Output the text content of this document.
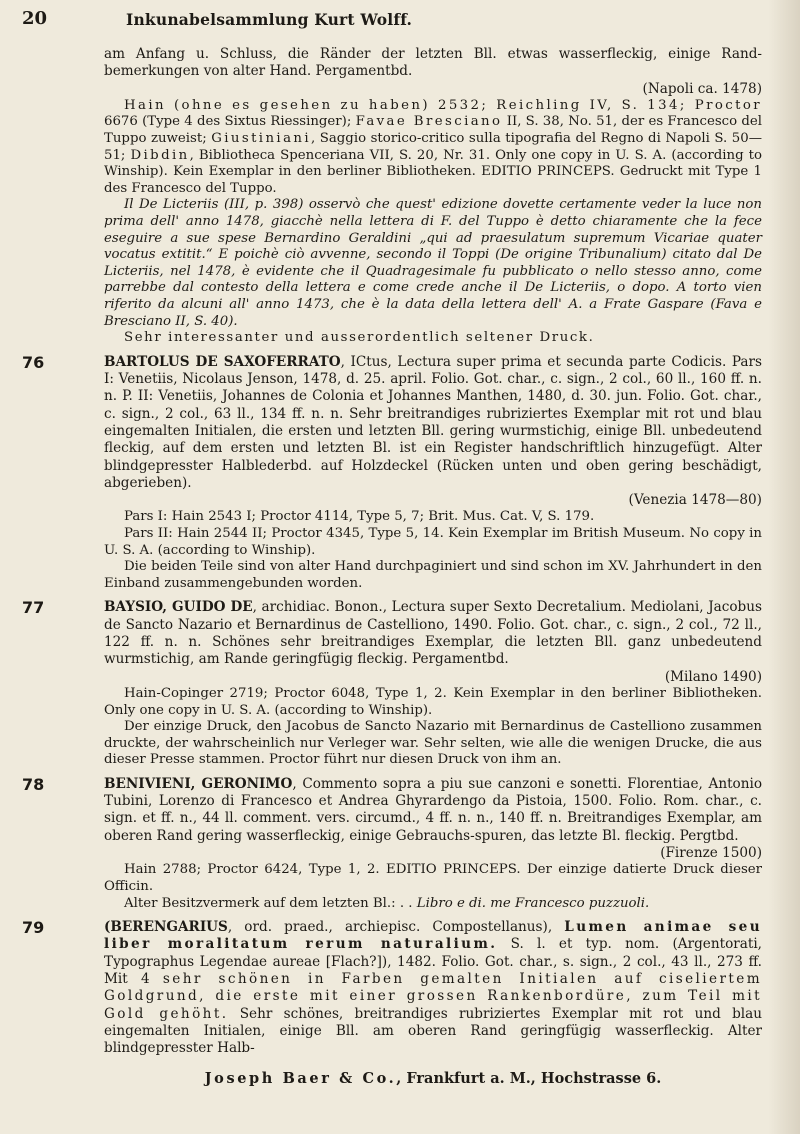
20	Inkunabelsammlung Kurt Wolff.

am Anfang u. Schluss, die Ränder der letzten Bll. etwas wasserfleckig, einige Rand-bemerkungen von alter Hand. Pergamentbd.

(Napoli ca. 1478)

Hain (ohne es gesehen zu haben) 2532; Reichling IV, S. 134; Proctor 6676 (Type 4 des Sixtus Riessinger); Favae Bresciano II, S. 38, No. 51, der es Francesco del Tuppo zuweist; Giustiniani, Saggio storico-critico sulla tipografia del Regno di Napoli S. 50—51; Dibdin, Bibliotheca Spenceriana VII, S. 20, Nr. 31. Only one copy in U. S. A. (according to Winship). Kein Exemplar in den berliner Bibliotheken. EDITIO PRINCEPS. Gedruckt mit Type 1 des Francesco del Tuppo.

Il De Licteriis (III, p. 398) osservò che quest' edizione dovette certamente veder la luce non prima dell' anno 1478, giacchè nella lettera di F. del Tuppo è detto chiaramente che la fece eseguire a sue spese Bernardino Geraldini „qui ad praesulatum supremum Vicariae quater vocatus extitit.“ E poichè ciò avvenne, secondo il Toppi (De origine Tribunalium) citato dal De Licteriis, nel 1478, è evidente che il Quadragesimale fu pubblicato o nello stesso anno, come parrebbe dal contesto della lettera e come crede anche il De Licteriis, o dopo. A torto vien riferito da alcuni all' anno 1473, che è la data della lettera dell' A. a Frate Gaspare (Fava e Bresciano II, S. 40).

Sehr interessanter und ausserordentlich seltener Druck.

76	BARTOLUS DE SAXOFERRATO, ICtus, Lectura super prima et secunda parte Codicis. Pars I: Venetiis, Nicolaus Jenson, 1478, d. 25. april. Folio. Got. char., c. sign., 2 col., 60 ll., 160 ff. n. n. P. II: Venetiis, Johannes de Colonia et Johannes Manthen, 1480, d. 30. jun. Folio. Got. char., c. sign., 2 col., 63 ll., 134 ff. n. n. Sehr breitrandiges rubriziertes Exemplar mit rot und blau eingemalten Initialen, die ersten und letzten Bll. gering wurmstichig, einige Bll. unbedeutend fleckig, auf dem ersten und letzten Bl. ist ein Register handschriftlich hinzugefügt. Alter blindgepresster Halblederbd. auf Holzdeckel (Rücken unten und oben gering beschädigt, abgerieben).

(Venezia 1478—80)

Pars I: Hain 2543 I; Proctor 4114, Type 5, 7; Brit. Mus. Cat. V, S. 179.

Pars II: Hain 2544 II; Proctor 4345, Type 5, 14. Kein Exemplar im British Museum. No copy in U. S. A. (according to Winship).

Die beiden Teile sind von alter Hand durchpaginiert und sind schon im XV. Jahrhundert in den Einband zusammengebunden worden.

77	BAYSIO, GUIDO DE, archidiac. Bonon., Lectura super Sexto Decretalium. Mediolani, Jacobus de Sancto Nazario et Bernardinus de Castelliono, 1490. Folio. Got. char., c. sign., 2 col., 72 ll., 122 ff. n. n. Schönes sehr breitrandiges Exemplar, die letzten Bll. ganz unbedeutend wurmstichig, am Rande geringfügig fleckig. Pergamentbd.

(Milano 1490)

Hain-Copinger 2719; Proctor 6048, Type 1, 2. Kein Exemplar in den berliner Bibliotheken. Only one copy in U. S. A. (according to Winship).

Der einzige Druck, den Jacobus de Sancto Nazario mit Bernardinus de Castelliono zusammen druckte, der wahrscheinlich nur Verleger war. Sehr selten, wie alle die wenigen Drucke, die aus dieser Presse stammen. Proctor führt nur diesen Druck von ihm an.

78	BENIVIENI, GERONIMO, Commento sopra a piu sue canzoni e sonetti. Florentiae, Antonio Tubini, Lorenzo di Francesco et Andrea Ghyrardengo da Pistoia, 1500. Folio. Rom. char., c. sign. et ff. n., 44 ll. comment. vers. circumd., 4 ff. n. n., 140 ff. n. Breitrandiges Exemplar, am oberen Rand gering wasserfleckig, einige Gebrauchs-spuren, das letzte Bl. fleckig. Pergtbd.

(Firenze 1500)

Hain 2788; Proctor 6424, Type 1, 2. EDITIO PRINCEPS. Der einzige datierte Druck dieser Officin.

Alter Besitzvermerk auf dem letzten Bl.: . . Libro e di. me Francesco puzzuoli.

79	(BERENGARIUS, ord. praed., archiepisc. Compostellanus), Lumen animae seu liber moralitatum rerum naturalium. S. l. et typ. nom. (Argentorati, Typographus Legendae aureae [Flach?]), 1482. Folio. Got. char., s. sign., 2 col., 43 ll., 273 ff. Mit 4 sehr schönen in Farben gemalten Initialen auf ciseliertem Goldgrund, die erste mit einer grossen Rankenbordüre, zum Teil mit Gold gehöht. Sehr schönes, breitrandiges rubriziertes Exemplar mit rot und blau eingemalten Initialen, einige Bll. am oberen Rand geringfügig wasserfleckig. Alter blindgepresster Halb-

Joseph Baer & Co., Frankfurt a. M., Hochstrasse 6.
